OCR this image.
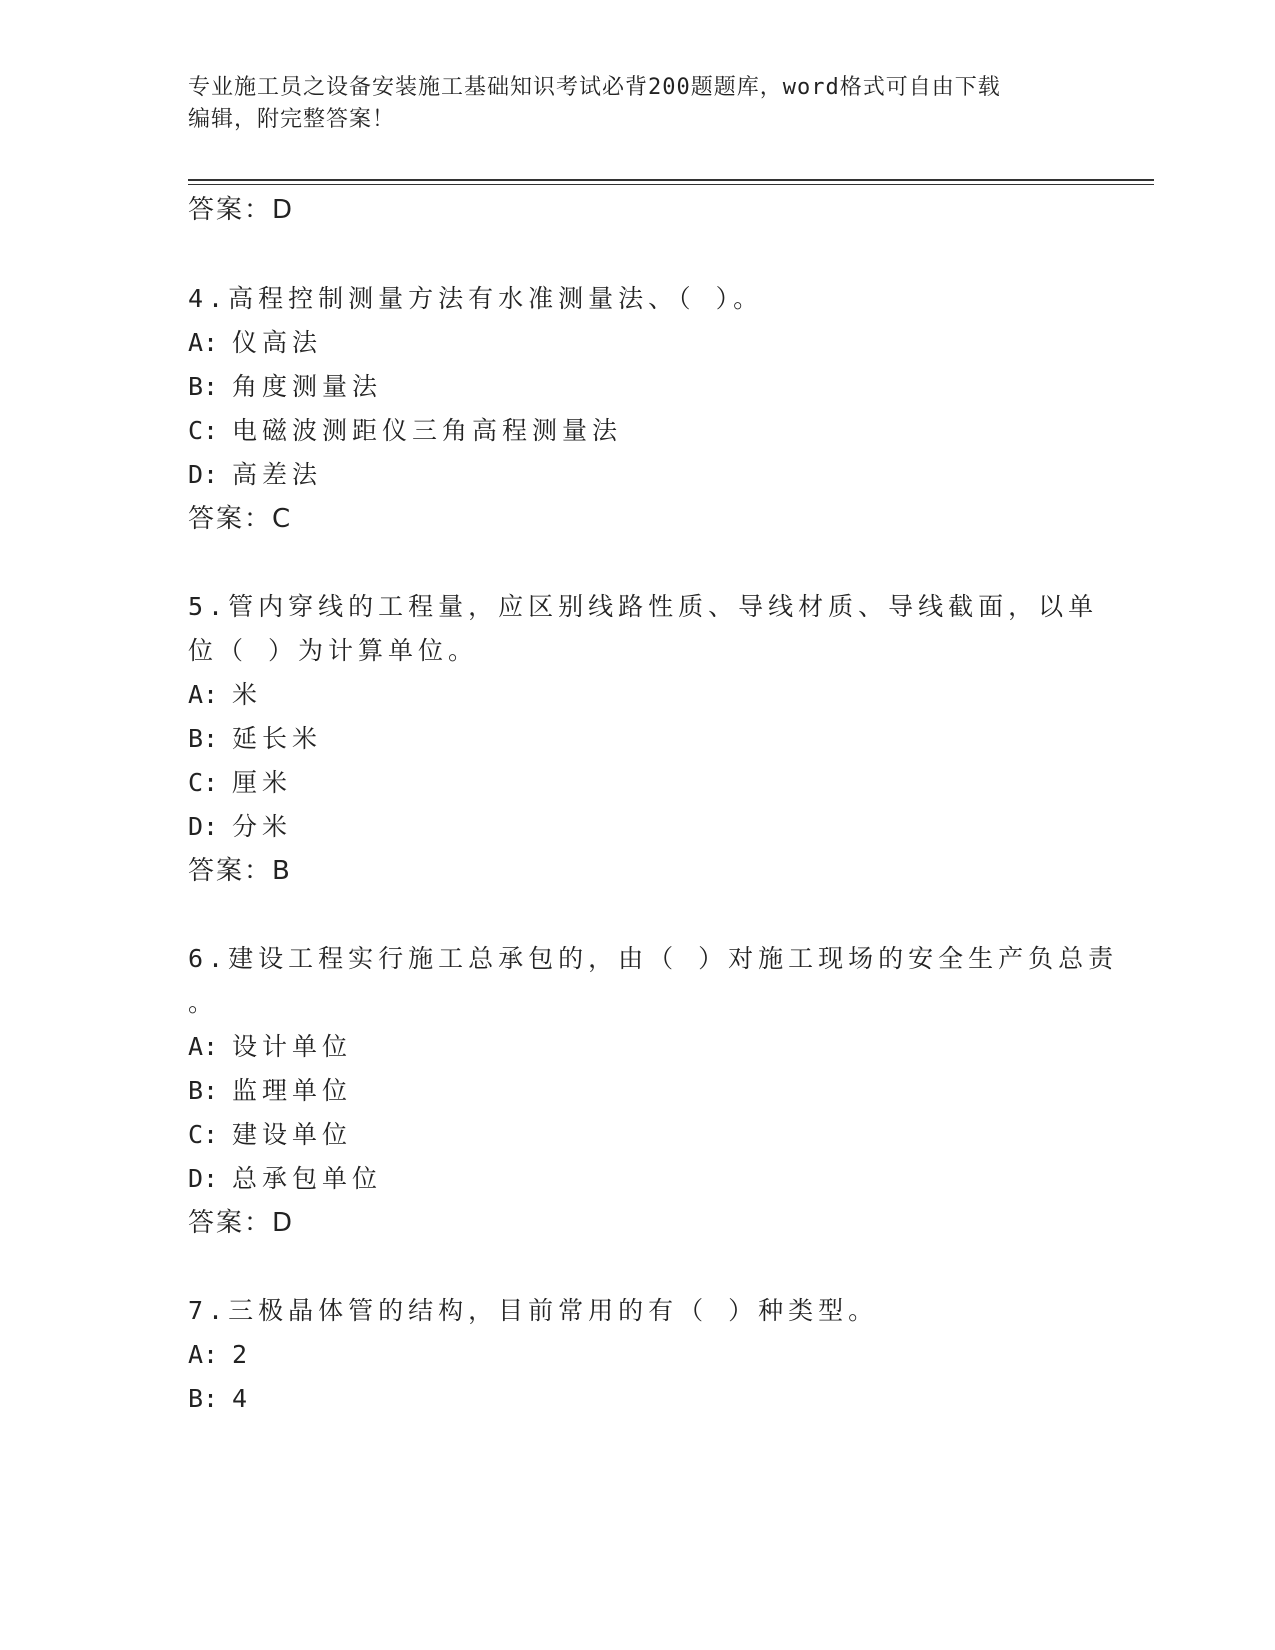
专业施工员之设备安装施工基础知识考试必背200题题库，word格式可自由下载
编辑，附完整答案！
答案：D
4.高程控制测量方法有水准测量法、（ ）。
A: 仪高法
B: 角度测量法
C: 电磁波测距仪三角高程测量法
D: 高差法
答案：C
5.管内穿线的工程量，应区别线路性质、导线材质、导线截面，以单
位（ ）为计算单位。
A: 米
B: 延长米
C: 厘米
D: 分米
答案：B
6.建设工程实行施工总承包的，由（ ）对施工现场的安全生产负总责
。
A: 设计单位
B: 监理单位
C: 建设单位
D: 总承包单位
答案：D
7.三极晶体管的结构，目前常用的有（ ）种类型。
A: 2
B: 4
